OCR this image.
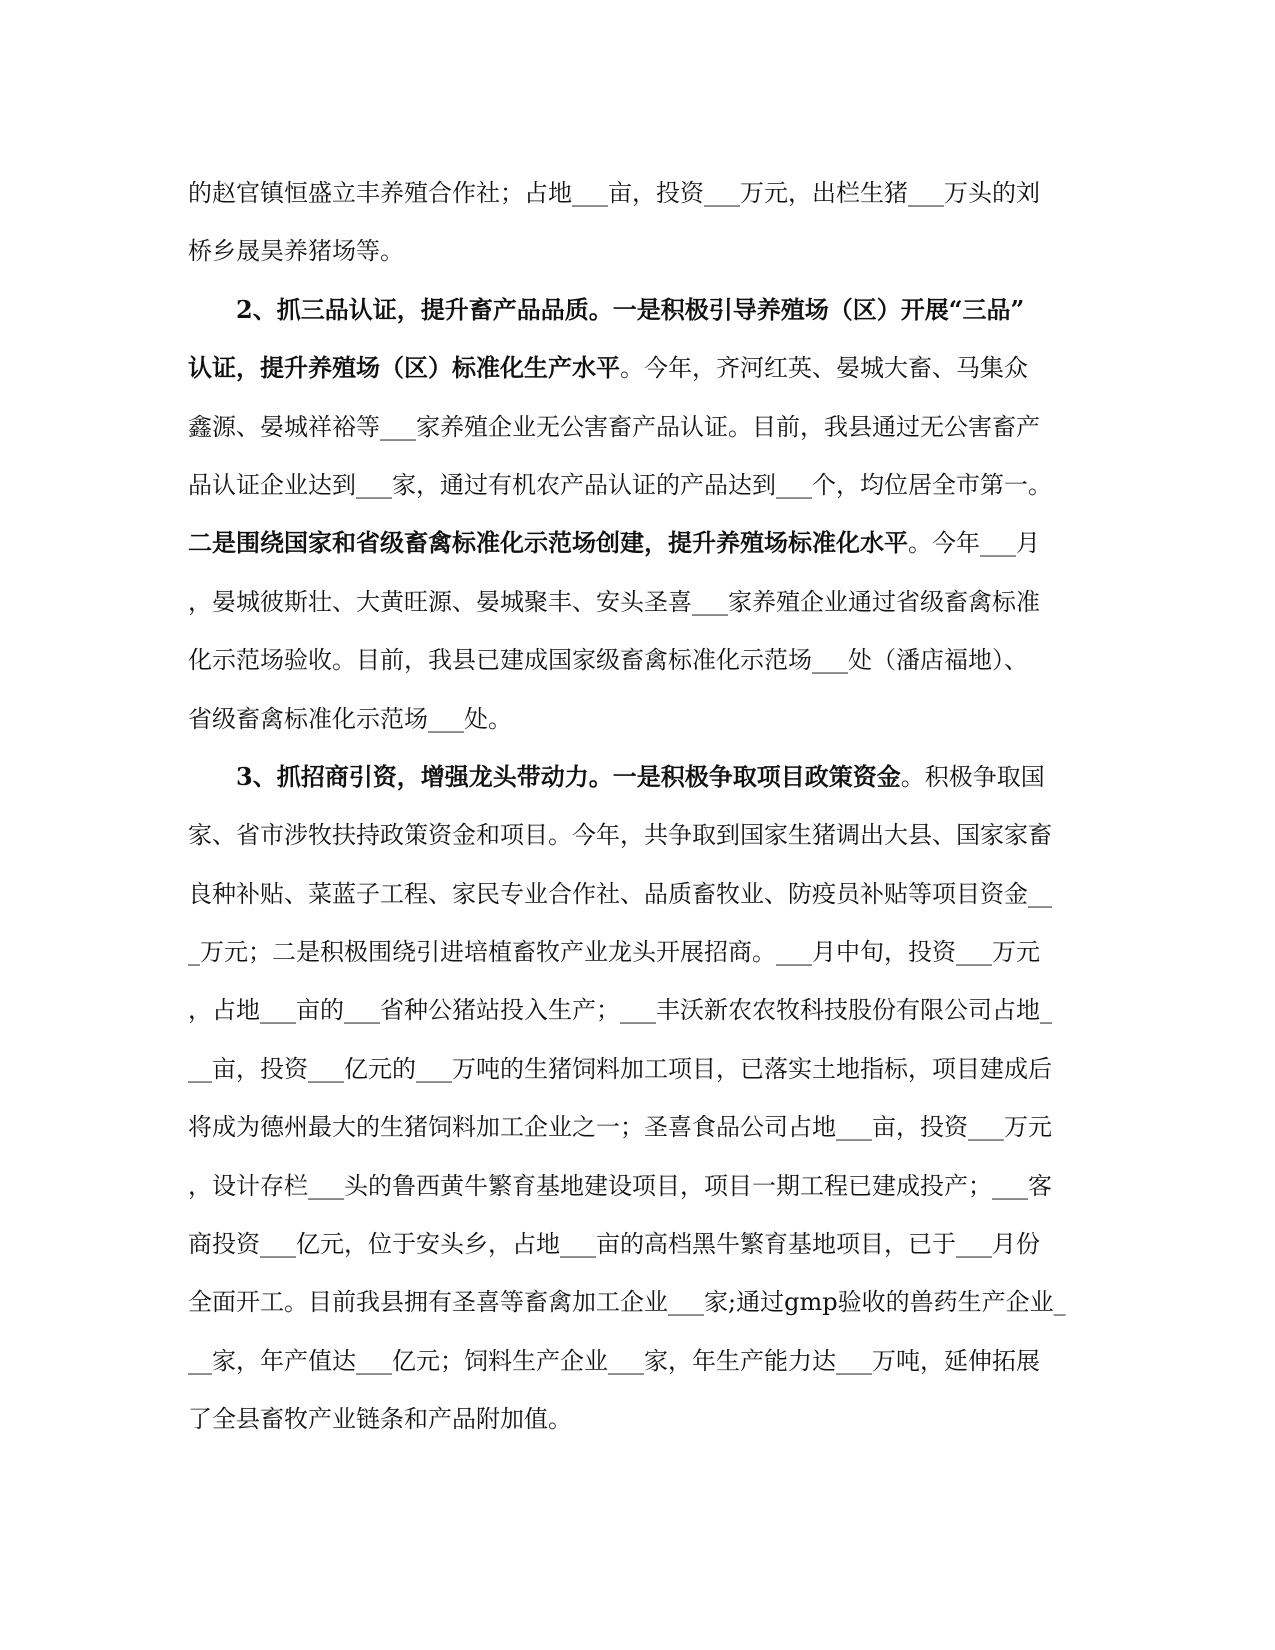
的赵官镇恒盛立丰养殖合作社；占地___亩，投资___万元，出栏生猪___万头的刘
桥乡晟昊养猪场等。
　　2、抓三品认证，提升畜产品品质。一是积极引导养殖场（区）开展“三品”
认证，提升养殖场（区）标准化生产水平。今年，齐河红英、晏城大畜、马集众
鑫源、晏城祥裕等___家养殖企业无公害畜产品认证。目前，我县通过无公害畜产
品认证企业达到___家，通过有机农产品认证的产品达到___个，均位居全市第一。
二是围绕国家和省级畜禽标准化示范场创建，提升养殖场标准化水平。今年___月
，晏城彼斯壮、大黄旺源、晏城聚丰、安头圣喜___家养殖企业通过省级畜禽标准
化示范场验收。目前，我县已建成国家级畜禽标准化示范场___处（潘店福地）、
省级畜禽标准化示范场___处。
　　3、抓招商引资，增强龙头带动力。一是积极争取项目政策资金。积极争取国
家、省市涉牧扶持政策资金和项目。今年，共争取到国家生猪调出大县、国家家畜
良种补贴、菜蓝子工程、家民专业合作社、品质畜牧业、防疫员补贴等项目资金__
_万元；二是积极围绕引进培植畜牧产业龙头开展招商。___月中旬，投资___万元
，占地___亩的___省种公猪站投入生产；___丰沃新农农牧科技股份有限公司占地_
__亩，投资___亿元的___万吨的生猪饲料加工项目，已落实土地指标，项目建成后
将成为德州最大的生猪饲料加工企业之一；圣喜食品公司占地___亩，投资___万元
，设计存栏___头的鲁西黄牛繁育基地建设项目，项目一期工程已建成投产；___客
商投资___亿元，位于安头乡，占地___亩的高档黑牛繁育基地项目，已于___月份
全面开工。目前我县拥有圣喜等畜禽加工企业___家;通过gmp验收的兽药生产企业_
__家，年产值达___亿元；饲料生产企业___家，年生产能力达___万吨，延伸拓展
了全县畜牧产业链条和产品附加值。
